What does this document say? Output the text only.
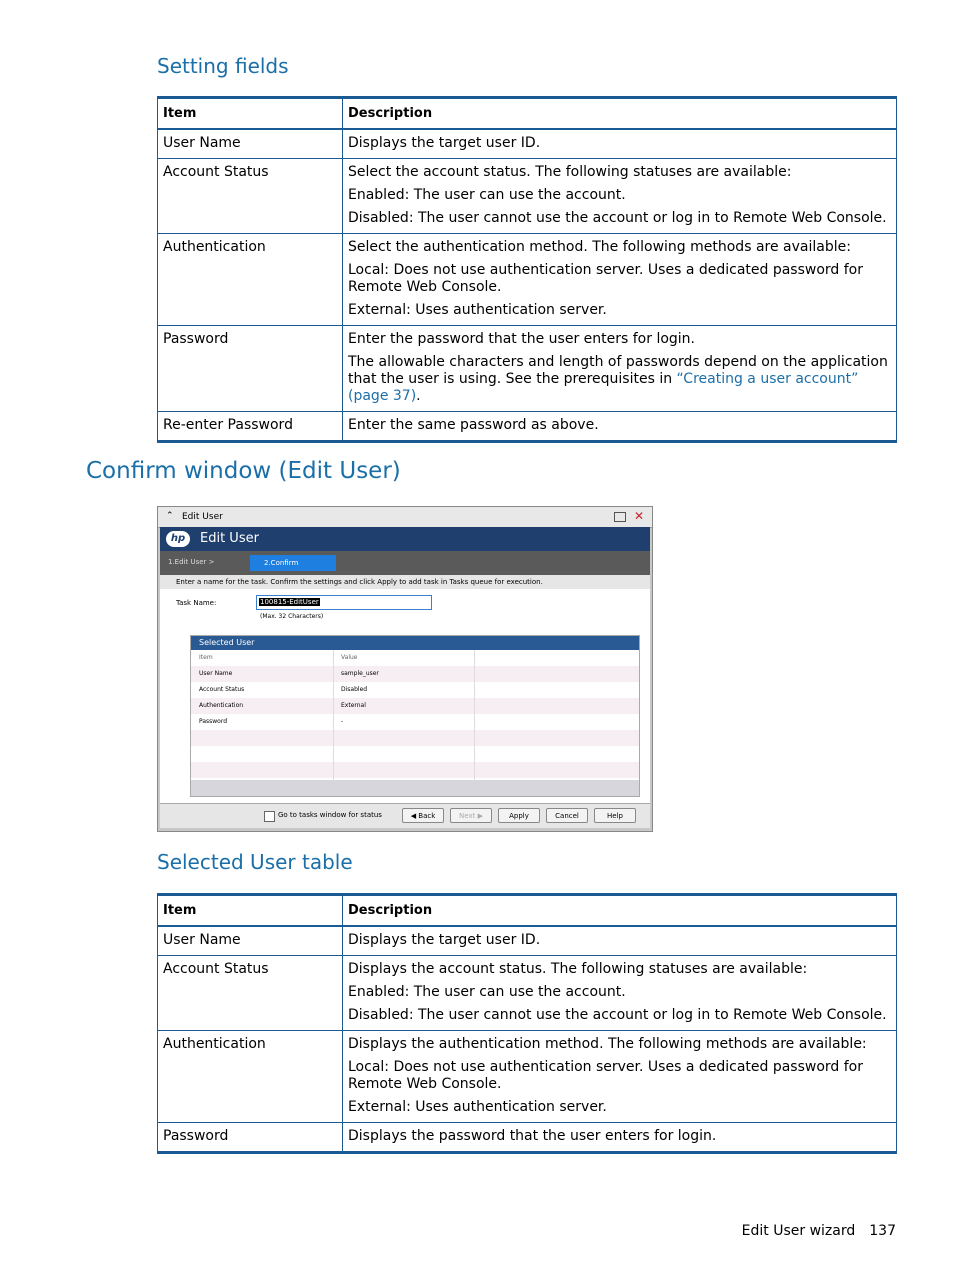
Setting fields
Item	Description
User Name	Displays the target user ID.

Account Status	Select the account status. The following statuses are available:

Enabled: The user can use the account.

Disabled: The user cannot use the account or log in to Remote Web Console.

Authentication	Select the authentication method. The following methods are available:

Local: Does not use authentication server. Uses a dedicated password for Remote Web Console.

External: Uses authentication server.

Password	Enter the password that the user enters for login.

The allowable characters and length of passwords depend on the application that the user is using. See the prerequisites in “Creating a user account” (page 37).

Re-enter Password	Enter the same password as above.

Confirm window (Edit User)
⌃ Edit User	✕
hp	Edit User
1.Edit User >	2.Confirm
Enter a name for the task. Confirm the settings and click Apply to add task in Tasks queue for execution.
Task Name:	100815-EditUser
(Max. 32 Characters)
Selected User
Item	Value
User Name	sample_user
Account Status	Disabled
Authentication	External
Password	-
Go to tasks window for status	◀ Back	Next ▶	Apply	Cancel	Help
Selected User table
Item	Description
User Name	Displays the target user ID.

Account Status	Displays the account status. The following statuses are available:

Enabled: The user can use the account.

Disabled: The user cannot use the account or log in to Remote Web Console.

Authentication	Displays the authentication method. The following methods are available:

Local: Does not use authentication server. Uses a dedicated password for Remote Web Console.

External: Uses authentication server.

Password	Displays the password that the user enters for login.

Edit User wizard 137
